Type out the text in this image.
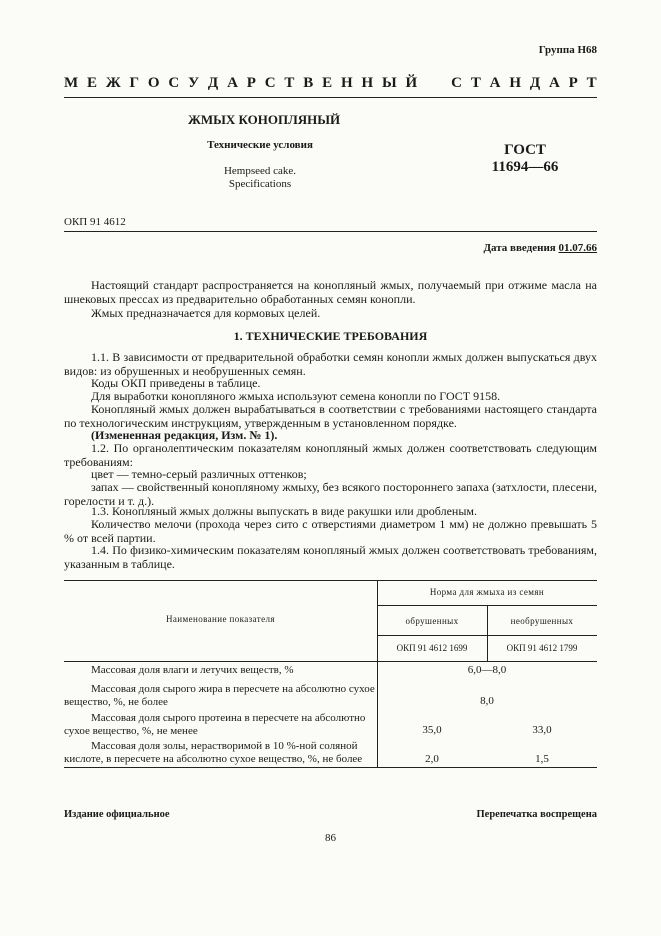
Группа Н68
М Е Ж Г О С У Д А Р С Т В Е Н Н Ы Й

С Т А Н Д А Р Т
ЖМЫХ КОНОПЛЯНЫЙ
Технические условия
Hempseed cake.
Specifications
ГОСТ
11694—66
ОКП 91 4612
Дата введения 01.07.66
Настоящий стандарт распространяется на конопляный жмых, получаемый при отжиме масла на шнековых прессах из предварительно обработанных семян конопли.
Жмых предназначается для кормовых целей.
1. ТЕХНИЧЕСКИЕ ТРЕБОВАНИЯ
1.1. В зависимости от предварительной обработки семян конопли жмых должен выпускаться двух видов: из обрушенных и необрушенных семян.
Коды ОКП приведены в таблице.
Для выработки конопляного жмыха используют семена конопли по ГОСТ 9158.
Конопляный жмых должен вырабатываться в соответствии с требованиями настоящего стандарта по технологическим инструкциям, утвержденным в установленном порядке.
(Измененная редакция, Изм. № 1).
1.2. По органолептическим показателям конопляный жмых должен соответствовать следующим требованиям:
цвет — темно-серый различных оттенков;
запах — свойственный конопляному жмыху, без всякого постороннего запаха (затхлости, плесени, горелости и т. д.).
1.3. Конопляный жмых должны выпускать в виде ракушки или дробленым.
Количество мелочи (прохода через сито с отверстиями диаметром 1 мм) не должно превышать 5 % от всей партии.
1.4. По физико-химическим показателям конопляный жмых должен соответствовать требованиям, указанным в таблице.
Наименование показателя
Норма для жмыха из семян
обрушенных	необрушенных
ОКП 91 4612 1699	ОКП 91 4612 1799
Массовая доля влаги и летучих веществ, %	6,0—8,0
Массовая доля сырого жира в пересчете на абсолютно сухое
вещество, %, не более	8,0
Массовая доля сырого протеина в пересчете на абсолютно
сухое вещество, %, не менее	35,0	33,0
Массовая доля золы, нерастворимой в 10 %-ной соляной
кислоте, в пересчете на абсолютно сухое вещество, %, не более	2,0	1,5
Издание официальное	Перепечатка воспрещена
86
